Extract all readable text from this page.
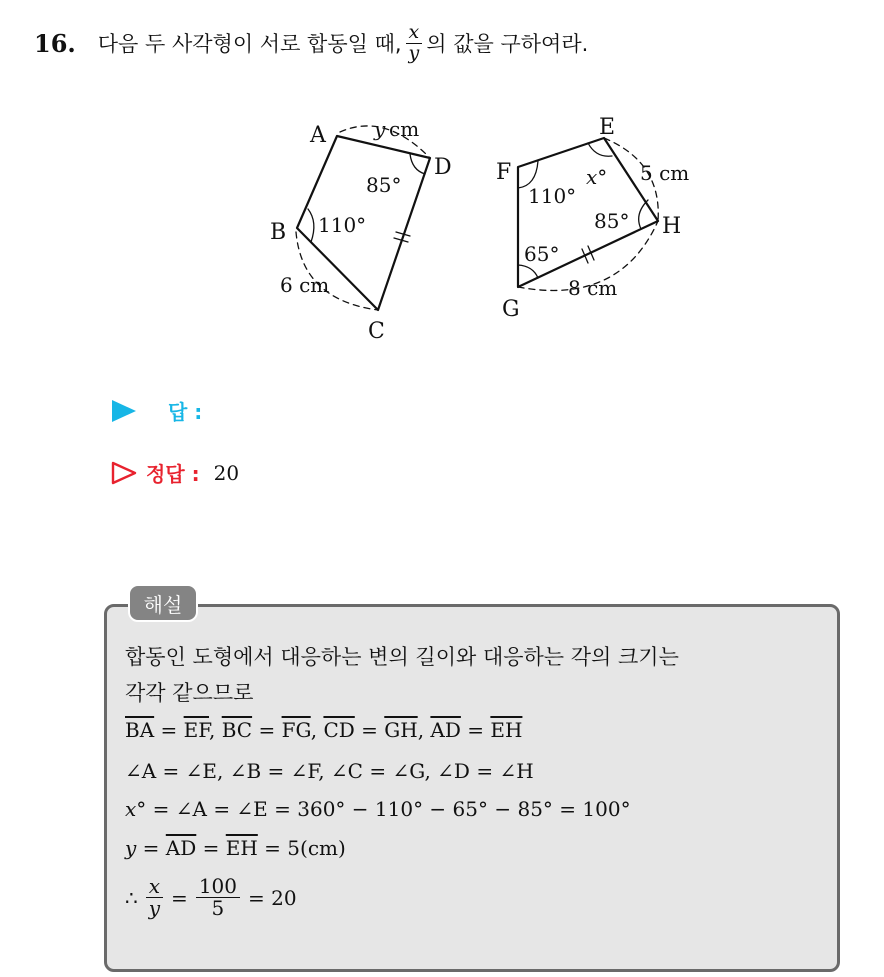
16. 다음 두 사각형이 서로 합동일 때, $\frac{x}{y}$ 의 값을 구하여라.
A
B
C
D
E
F
G
H
y cm
85°
110°
6 cm
110°
x° 5 cm
85°
65°
8 cm
답 :
정답 : 20
해설
합동인 도형에서 대응하는 변의 길이와 대응하는 각의 크기는
각각 같으므로
$\overline{BA} = \overline{EF}$, $\overline{BC} = \overline{FG}$, $\overline{CD} = \overline{GH}$, $\overline{AD} = \overline{EH}$
∠A = ∠E, ∠B = ∠F, ∠C = ∠G, ∠D = ∠H
x° = ∠A = ∠E = 360° − 110° − 65° − 85° = 100°
$y = \overline{AD} = \overline{EH} = 5(cm)$
∴ $\frac{x}{y} = \frac{100}{5} = 20$
